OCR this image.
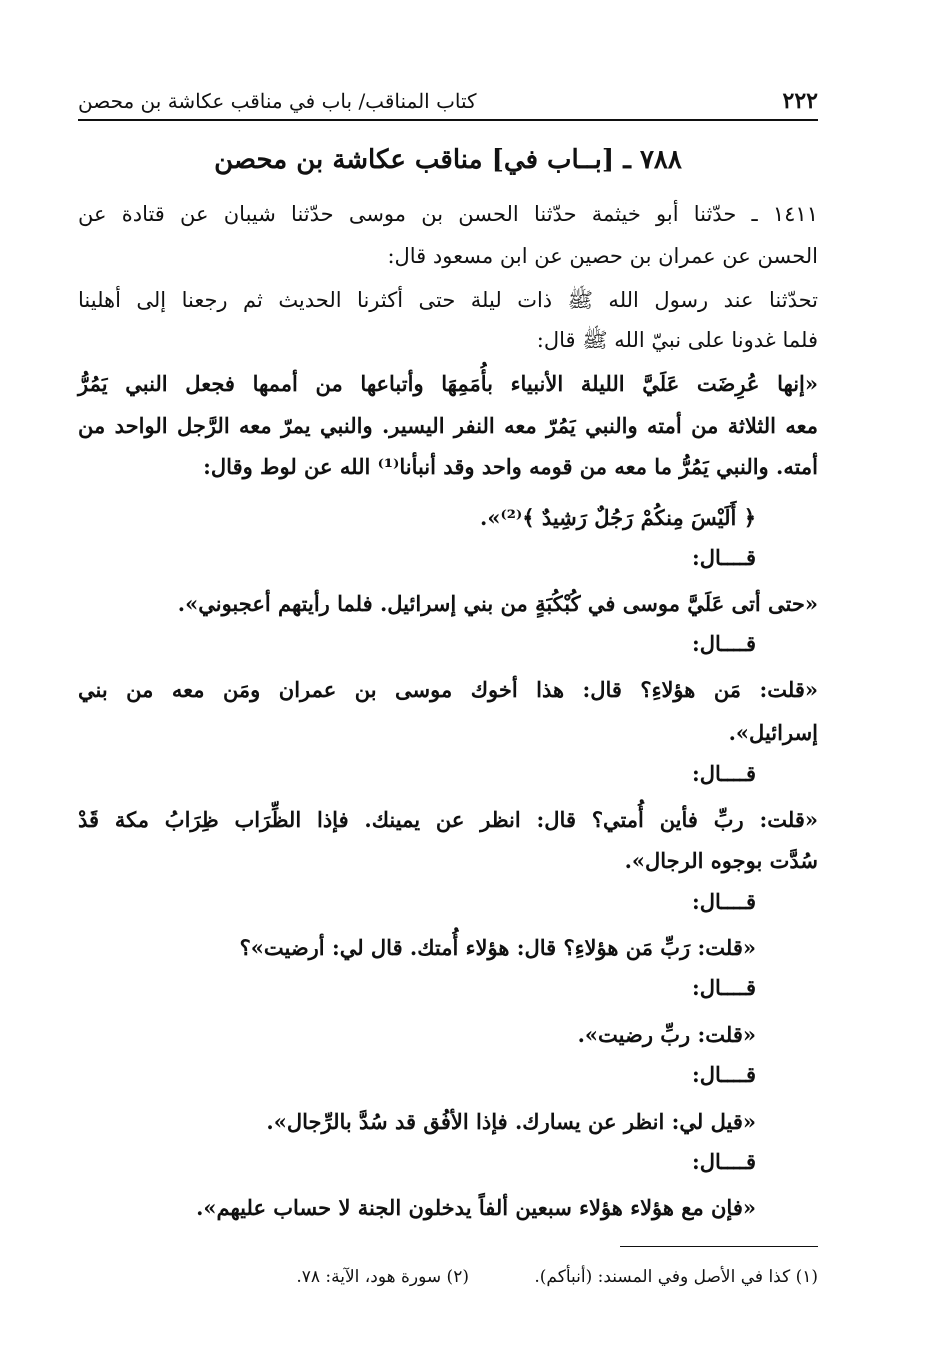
٢٢٢
كتاب المناقب/ باب في مناقب عكاشة بن محصن
٧٨٨ ـ [بــاب في] مناقب عكاشة بن محصن
١٤١١ ـ حدّثنا أبو خيثمة حدّثنا الحسن بن موسى حدّثنا شيبان عن قتادة عن
الحسن عن عمران بن حصين عن ابن مسعود قال:
تحدّثنا عند رسول الله ﷺ ذات ليلة حتى أكثرنا الحديث ثم رجعنا إلى أهلينا
فلما غدونا على نبيّ الله ﷺ قال:
«إنها عُرِضَت عَلَيَّ الليلة الأنبياء بأُمَمِهَا وأتباعها من أممها فجعل النبي يَمُرُّ
معه الثلاثة من أمته والنبي يَمُرّ معه النفر اليسير. والنبي يمرّ معه الرَّجل الواحد من
أمته. والنبي يَمُرُّ ما معه من قومه واحد وقد أنبأنا⁽¹⁾ الله عن لوط وقال:
﴿ أَلَيْسَ مِنكُمْ رَجُلٌ رَشِيدٌ ﴾⁽²⁾».
قــــال:
«حتى أتى عَلَيَّ موسى في كُبْكُبَةٍ من بني إسرائيل. فلما رأيتهم أعجبوني».
قــــال:
«قلت: مَن هؤلاءِ؟ قال: هذا أخوك موسى بن عمران ومَن معه من بني
إسرائيل».
قــــال:
«قلت: ربِّ فأين أُمتي؟ قال: انظر عن يمينك. فإذا الظِّرَاب ظِرَابُ مكة قَدْ
سُدَّت بوجوه الرجال».
قــــال:
«قلت: رَبِّ مَن هؤلاءِ؟ قال: هؤلاء أُمتك. قال لي: أرضيت»؟
قــــال:
«قلت: ربِّ رضيت».
قــــال:
«قيل لي: انظر عن يسارك. فإذا الأفُق قد سُدَّ بالرِّجال».
قــــال:
«فإن مع هؤلاء هؤلاء سبعين ألفاً يدخلون الجنة لا حساب عليهم».
(١) كذا في الأصل وفي المسند: (أنبأكم). (٢) سورة هود، الآية: ٧٨.
